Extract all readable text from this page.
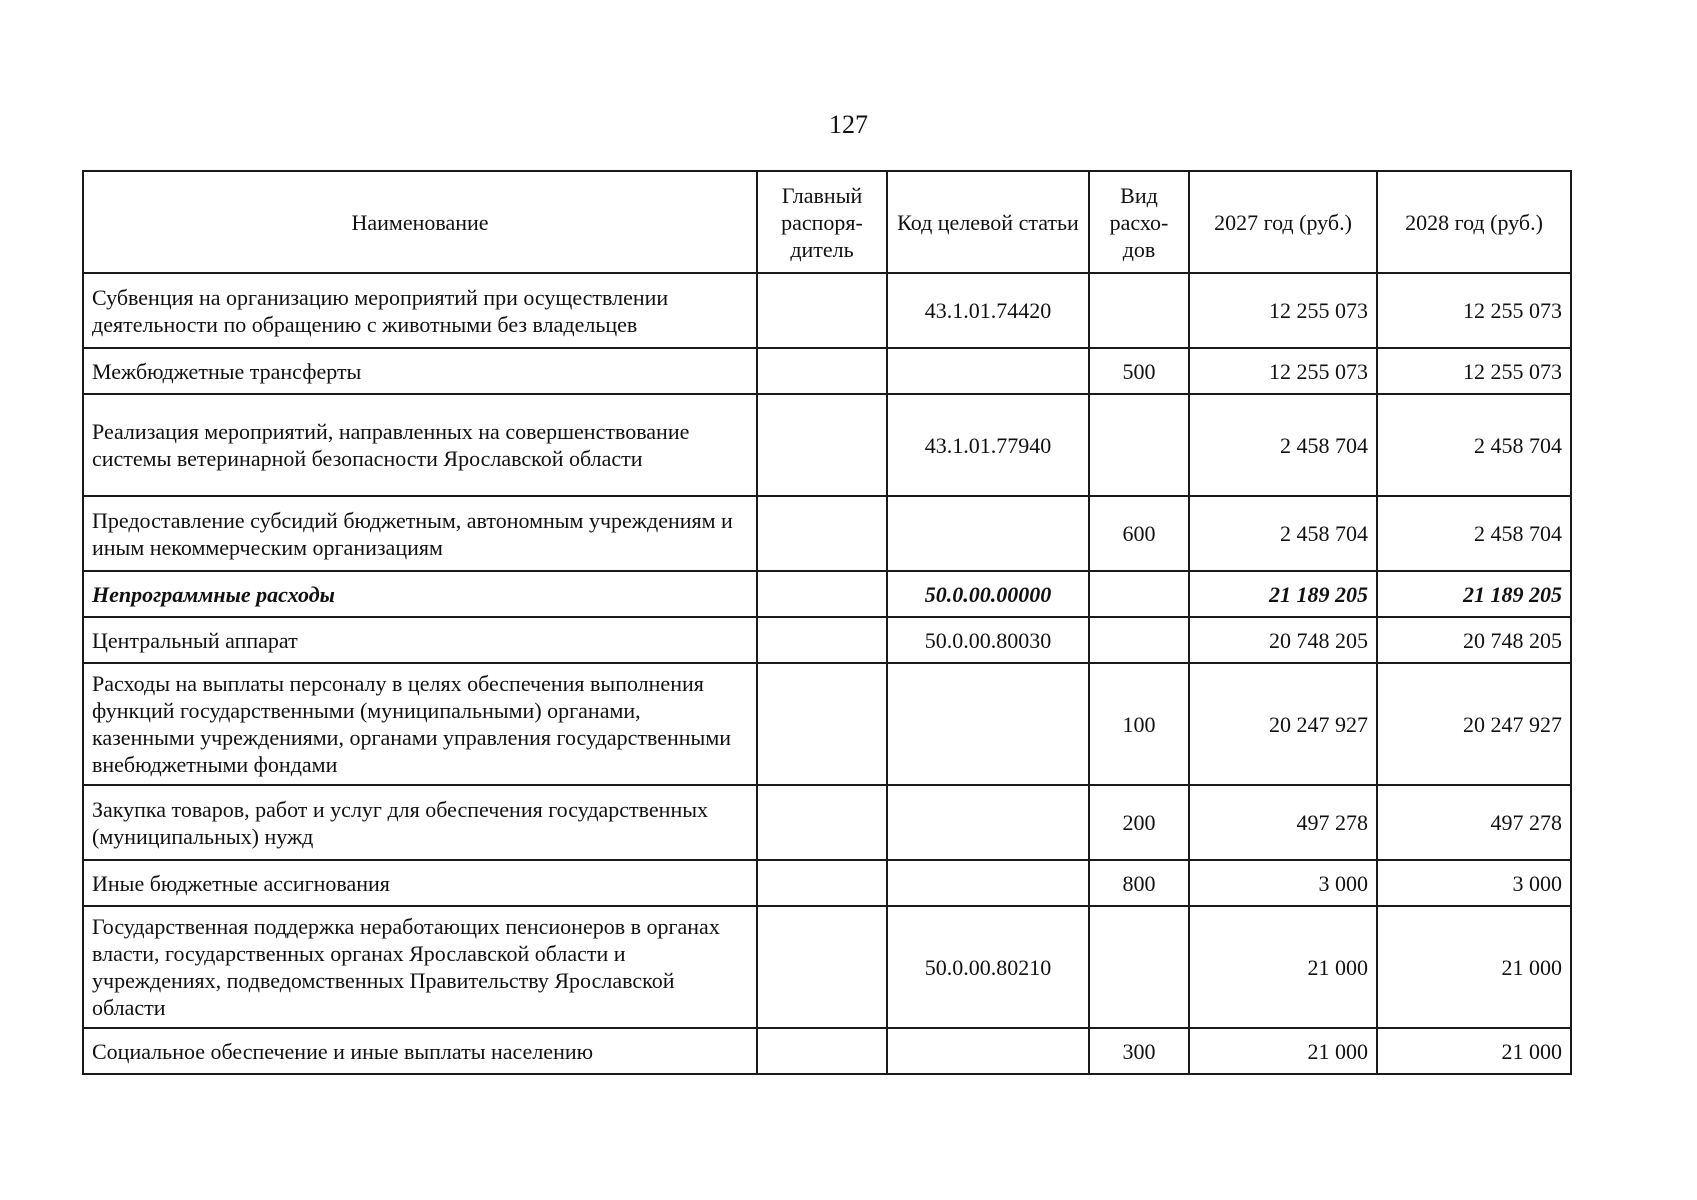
127
Наименование	Главный распоря-дитель	Код целевой статьи	Вид расхо-дов	2027 год (руб.)	2028 год (руб.)
Субвенция на организацию мероприятий при осуществлении деятельности по обращению с животными без владельцев		43.1.01.74420		12 255 073	12 255 073
Межбюджетные трансферты			500	12 255 073	12 255 073
Реализация мероприятий, направленных на совершенствование системы ветеринарной безопасности Ярославской области		43.1.01.77940		2 458 704	2 458 704
Предоставление субсидий бюджетным, автономным учреждениям и иным некоммерческим организациям			600	2 458 704	2 458 704
Непрограммные расходы		50.0.00.00000		21 189 205	21 189 205
Центральный аппарат		50.0.00.80030		20 748 205	20 748 205
Расходы на выплаты персоналу в целях обеспечения выполнения функций государственными (муниципальными) органами, казенными учреждениями, органами управления государственными внебюджетными фондами			100	20 247 927	20 247 927
Закупка товаров, работ и услуг для обеспечения государственных (муниципальных) нужд			200	497 278	497 278
Иные бюджетные ассигнования			800	3 000	3 000
Государственная поддержка неработающих пенсионеров в органах власти, государственных органах Ярославской области и учреждениях, подведомственных Правительству Ярославской области		50.0.00.80210		21 000	21 000
Социальное обеспечение и иные выплаты населению			300	21 000	21 000
